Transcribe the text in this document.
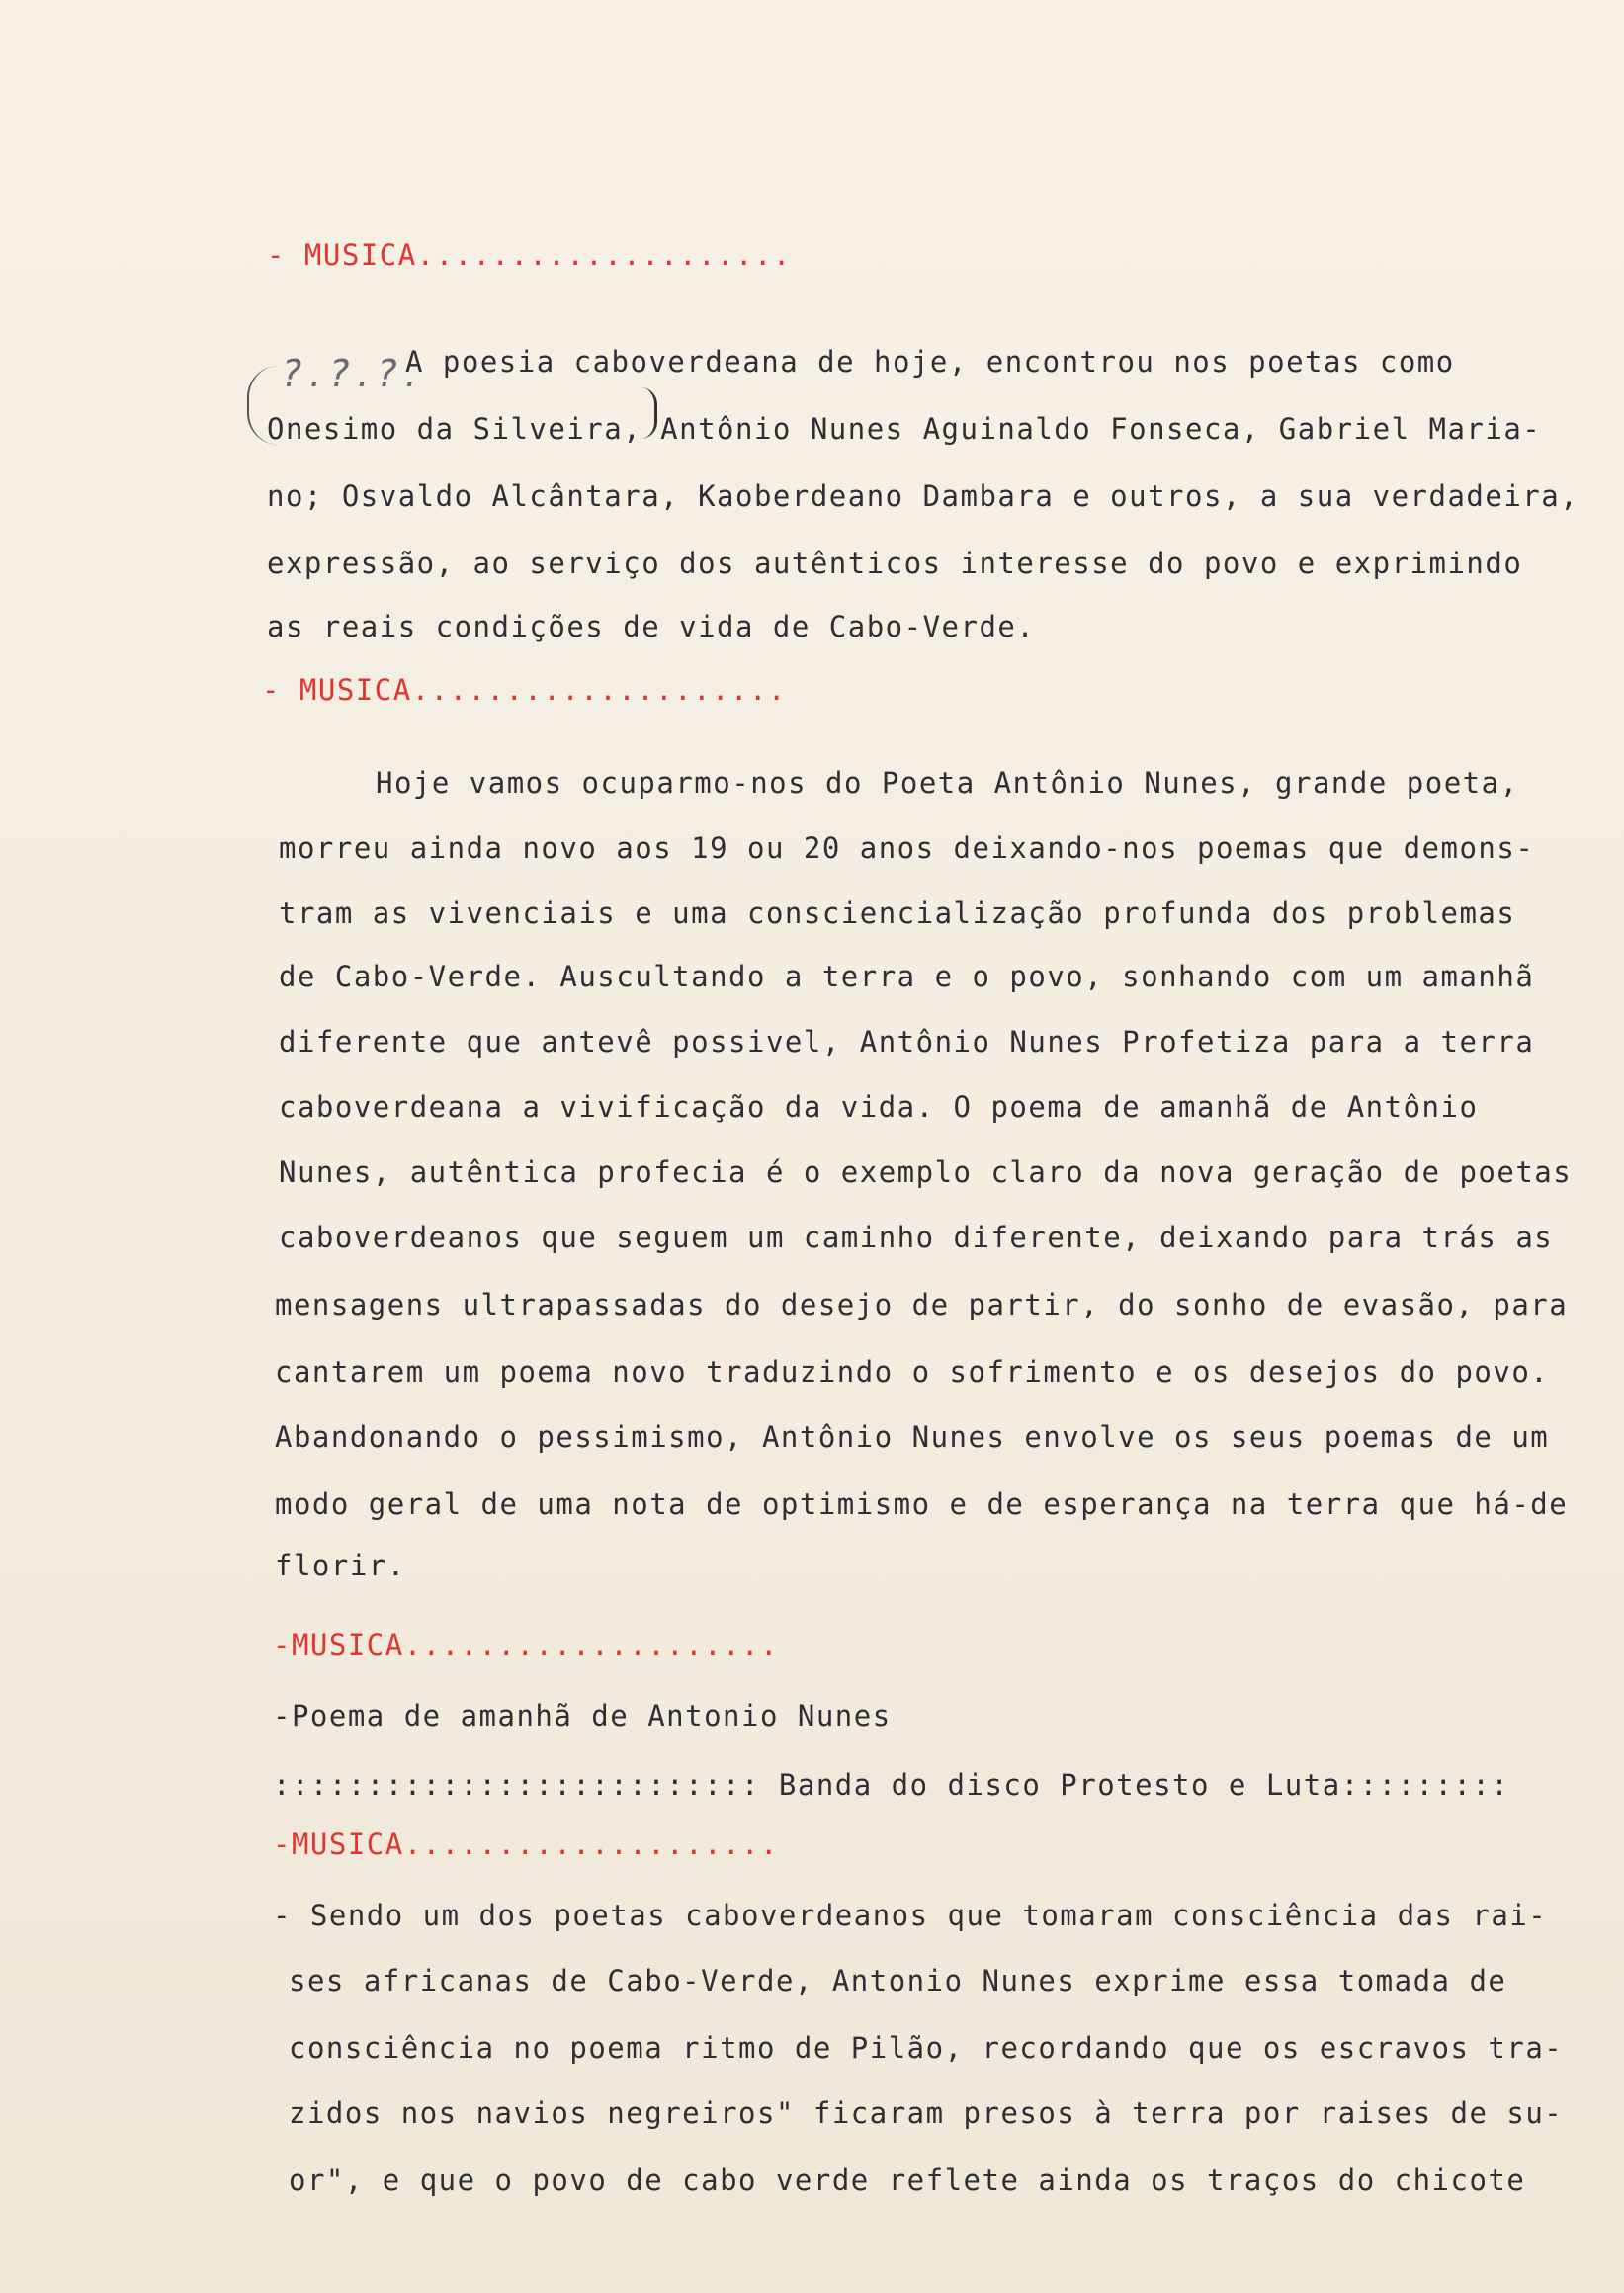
?.?.?.
- MUSICA....................
A poesia caboverdeana de hoje, encontrou nos poetas como
Onesimo da Silveira, Antônio Nunes Aguinaldo Fonseca, Gabriel Maria-
no; Osvaldo Alcântara, Kaoberdeano Dambara e outros, a sua verdadeira,
expressão, ao serviço dos autênticos interesse do povo e exprimindo
as reais condições de vida de Cabo-Verde.
- MUSICA....................
Hoje vamos ocuparmo-nos do Poeta Antônio Nunes, grande poeta,
morreu ainda novo aos 19 ou 20 anos deixando-nos poemas que demons-
tram as vivenciais e uma consciencialização profunda dos problemas
de Cabo-Verde. Auscultando a terra e o povo, sonhando com um amanhã
diferente que antevê possivel, Antônio Nunes Profetiza para a terra
caboverdeana a vivificação da vida. O poema de amanhã de Antônio
Nunes, autêntica profecia é o exemplo claro da nova geração de poetas
caboverdeanos que seguem um caminho diferente, deixando para trás as
mensagens ultrapassadas do desejo de partir, do sonho de evasão, para
cantarem um poema novo traduzindo o sofrimento e os desejos do povo.
Abandonando o pessimismo, Antônio Nunes envolve os seus poemas de um
modo geral de uma nota de optimismo e de esperança na terra que há-de
florir.
-MUSICA....................
-Poema de amanhã de Antonio Nunes
:::::::::::::::::::::::::: Banda do disco Protesto e Luta:::::::::
-MUSICA....................
- Sendo um dos poetas caboverdeanos que tomaram consciência das rai-
ses africanas de Cabo-Verde, Antonio Nunes exprime essa tomada de
consciência no poema ritmo de Pilão, recordando que os escravos tra-
zidos nos navios negreiros" ficaram presos à terra por raises de su-
or", e que o povo de cabo verde reflete ainda os traços do chicote
